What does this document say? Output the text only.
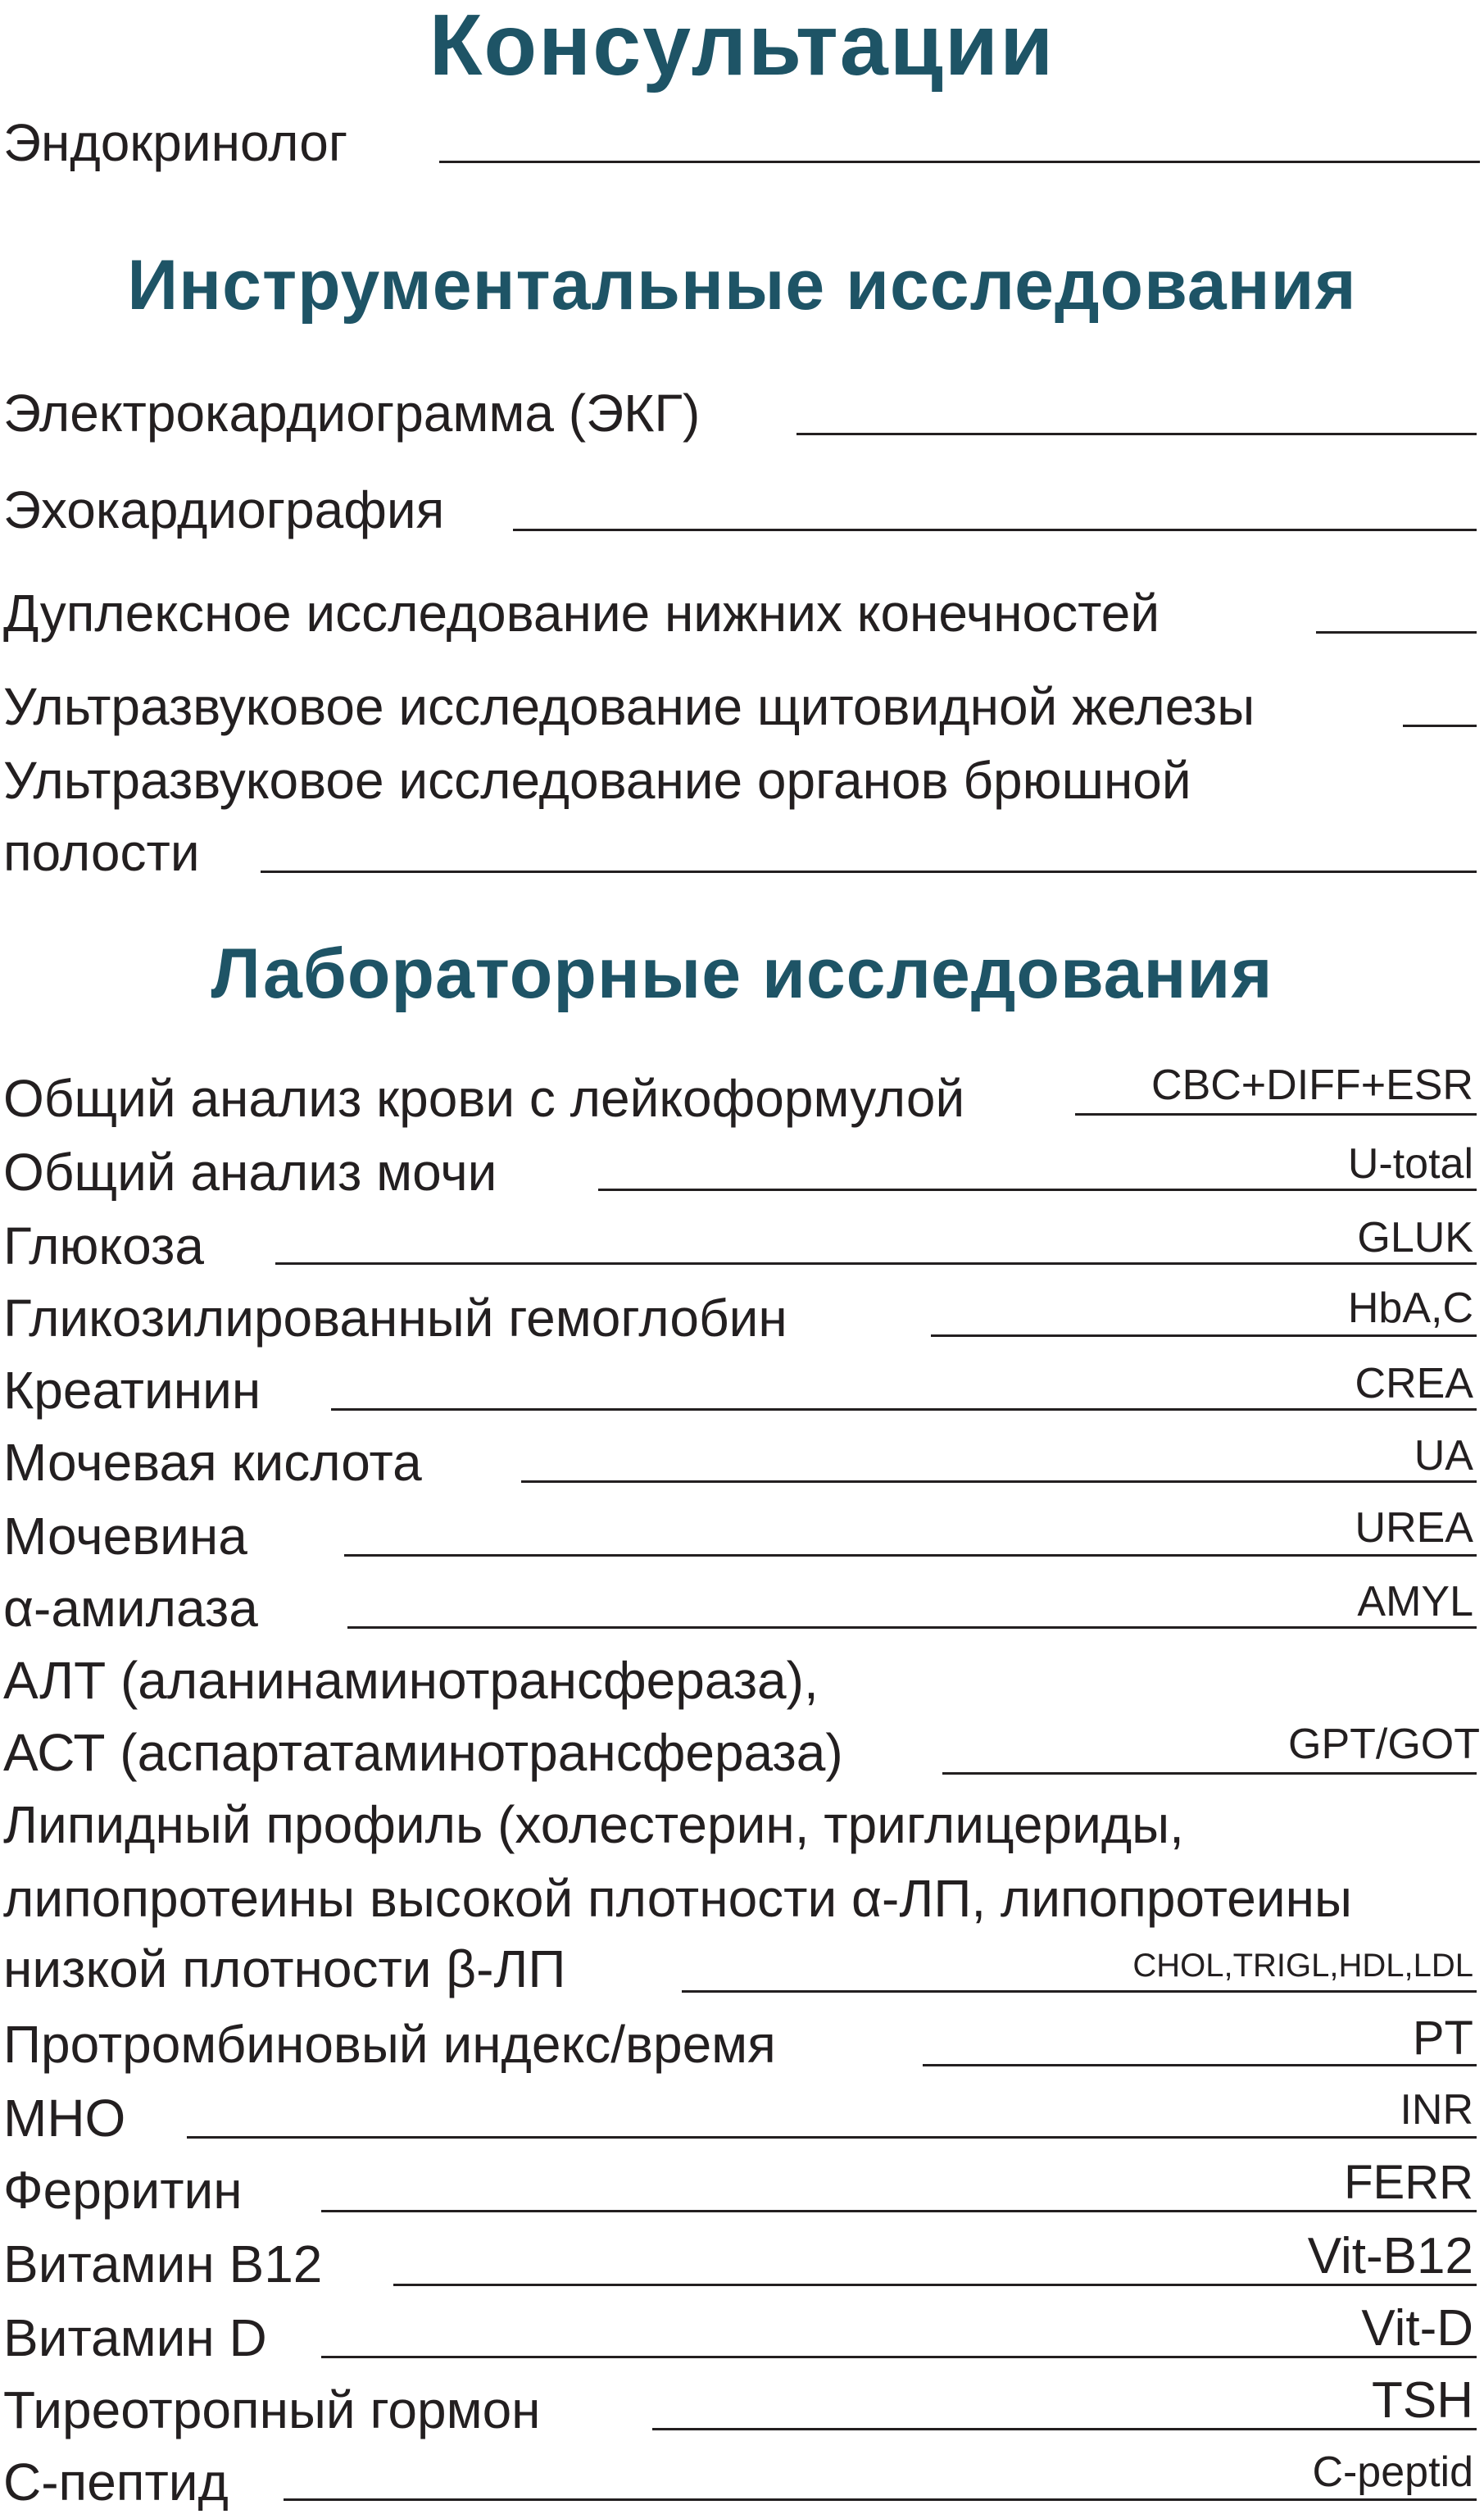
Консультации
Эндокринолог
Инструментальные исследования
Электрокардиограмма (ЭКГ)
Эхокардиография
Дуплексное исследование нижних конечностей
Ультразвуковое исследование щитовидной железы
Ультразвуковое исследование органов брюшной
полости
Лабораторные исследования
Общий анализ крови с лейкоформулой	CBC+DIFF+ESR
Общий анализ мочи	U-total
Глюкоза	GLUK
Гликозилированный гемоглобин	HbA,C
Креатинин	CREA
Мочевая кислота	UA
Мочевина	UREA
α-амилаза	AMYL
АЛТ (аланинаминотрансфераза),
АСТ (аспартатаминотрансфераза)	GPT/GOT
Липидный профиль (холестерин, триглицериды,
липопротеины высокой плотности α-ЛП, липопротеины
низкой плотности β-ЛП	CHOL,TRIGL,HDL,LDL
Протромбиновый индекс/время	PT
МНО	INR
Ферритин	FERR
Витамин B12	Vit-B12
Витамин D	Vit-D
Тиреотропный гормон	TSH
С-пептид	C-peptid
